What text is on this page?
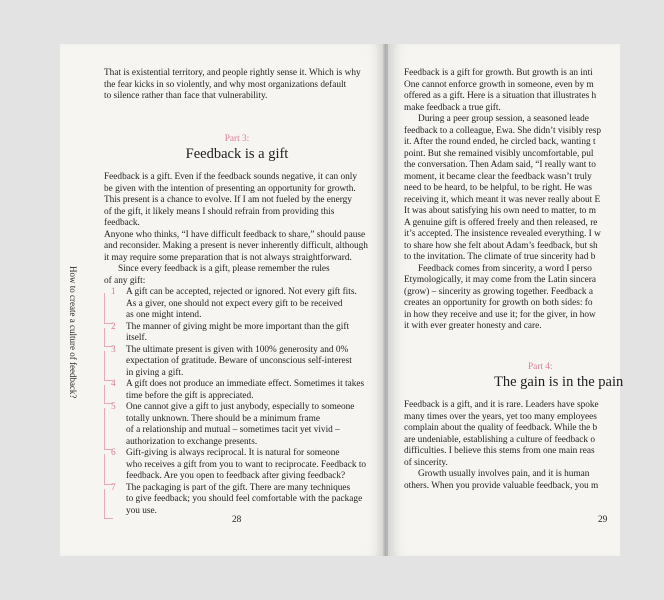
How to create a culture of feedback?

That is existential territory, and people rightly sense it. Which is why

the fear kicks in so violently, and why most organizations default

to silence rather than face that vulnerability.

Part 3:

Feedback is a gift

Feedback is a gift. Even if the feedback sounds negative, it can only

be given with the intention of presenting an opportunity for growth.

This present is a chance to evolve. If I am not fueled by the energy

of the gift, it likely means I should refrain from providing this feedback.

Anyone who thinks, “I have difficult feedback to share,” should pause

and reconsider. Making a present is never inherently difficult, although

it may require some preparation that is not always straightforward.

Since every feedback is a gift, please remember the rules

of any gift:

1 A gift can be accepted, rejected or ignored. Not every gift fits.

As a giver, one should not expect every gift to be received

as one might intend.

2 The manner of giving might be more important than the gift itself.

3 The ultimate present is given with 100% generosity and 0%

expectation of gratitude. Beware of unconscious self-interest

in giving a gift.

4 A gift does not produce an immediate effect. Sometimes it takes

time before the gift is appreciated.

5 One cannot give a gift to just anybody, especially to someone

totally unknown. There should be a minimum frame

of a relationship and mutual – sometimes tacit yet vivid –

authorization to exchange presents.

6 Gift-giving is always reciprocal. It is natural for someone

who receives a gift from you to want to reciprocate. Feedback to

feedback. Are you open to feedback after giving feedback?

7 The packaging is part of the gift. There are many techniques

to give feedback; you should feel comfortable with the package

you use.

28

Feedback is a gift for growth. But growth is an inti

One cannot enforce growth in someone, even by m

offered as a gift. Here is a situation that illustrates h

make feedback a true gift.

During a peer group session, a seasoned leade

feedback to a colleague, Ewa. She didn’t visibly resp

it. After the round ended, he circled back, wanting t

point. But she remained visibly uncomfortable, pul

the conversation. Then Adam said, “I really want to

moment, it became clear the feedback wasn’t truly

need to be heard, to be helpful, to be right. He was

receiving it, which meant it was never really about E

It was about satisfying his own need to matter, to m

A genuine gift is offered freely and then released, re

it’s accepted. The insistence revealed everything. I w

to share how she felt about Adam’s feedback, but sh

to the invitation. The climate of true sincerity had b

Feedback comes from sincerity, a word I perso

Etymologically, it may come from the Latin sincera

(grow) – sincerity as growing together. Feedback a

creates an opportunity for growth on both sides: fo

in how they receive and use it; for the giver, in how

it with ever greater honesty and care.

Part 4:

The gain is in the pain

Feedback is a gift, and it is rare. Leaders have spoke

many times over the years, yet too many employees

complain about the quality of feedback. While the b

are undeniable, establishing a culture of feedback o

difficulties. I believe this stems from one main reas

of sincerity.

Growth usually involves pain, and it is human

others. When you provide valuable feedback, you m

29
